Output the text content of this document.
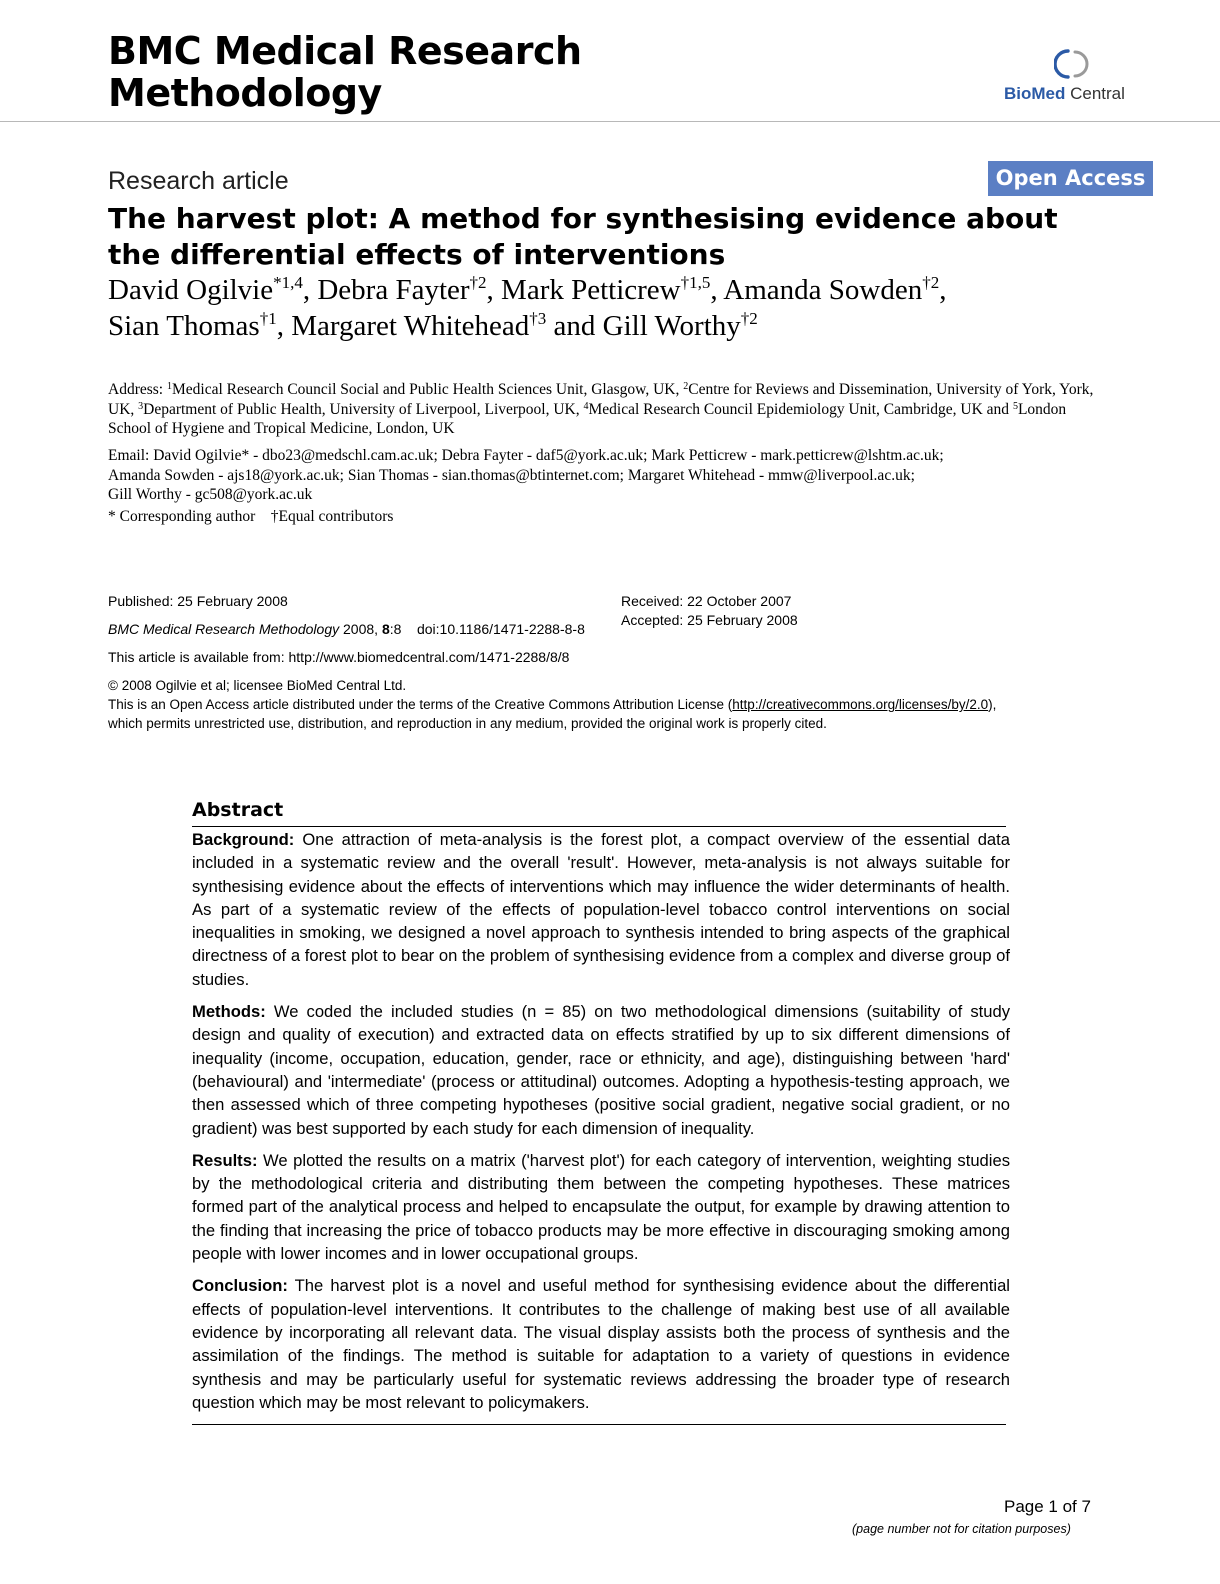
BMC Medical Research
Methodology	BioMed Central
Research article	Open Access
The harvest plot: A method for synthesising evidence about the differential effects of interventions
David Ogilvie$^{*1,4}$, Debra Fayter$^{\dagger 2}$, Mark Petticrew$^{\dagger 1,5}$, Amanda Sowden$^{\dagger 2}$,
Sian Thomas$^{\dagger 1}$, Margaret Whitehead$^{\dagger 3}$ and Gill Worthy$^{\dagger 2}$
Address: $^1$Medical Research Council Social and Public Health Sciences Unit, Glasgow, UK, $^2$Centre for Reviews and Dissemination, University of York, York, UK, $^3$Department of Public Health, University of Liverpool, Liverpool, UK, $^4$Medical Research Council Epidemiology Unit, Cambridge, UK and $^5$London School of Hygiene and Tropical Medicine, London, UK
Email: David Ogilvie* - dbo23@medschl.cam.ac.uk; Debra Fayter - daf5@york.ac.uk; Mark Petticrew - mark.petticrew@lshtm.ac.uk;
Amanda Sowden - ajs18@york.ac.uk; Sian Thomas - sian.thomas@btinternet.com; Margaret Whitehead - mmw@liverpool.ac.uk;
Gill Worthy - gc508@york.ac.uk
* Corresponding author †Equal contributors
Published: 25 February 2008
BMC Medical Research Methodology 2008, 8:8 doi:10.1186/1471-2288-8-8
This article is available from: http://www.biomedcentral.com/1471-2288/8/8
Received: 22 October 2007
Accepted: 25 February 2008
© 2008 Ogilvie et al; licensee BioMed Central Ltd.
This is an Open Access article distributed under the terms of the Creative Commons Attribution License (http://creativecommons.org/licenses/by/2.0),
which permits unrestricted use, distribution, and reproduction in any medium, provided the original work is properly cited.
Abstract

Background: One attraction of meta-analysis is the forest plot, a compact overview of the essential data included in a systematic review and the overall 'result'. However, meta-analysis is not always suitable for synthesising evidence about the effects of interventions which may influence the wider determinants of health. As part of a systematic review of the effects of population-level tobacco control interventions on social inequalities in smoking, we designed a novel approach to synthesis intended to bring aspects of the graphical directness of a forest plot to bear on the problem of synthesising evidence from a complex and diverse group of studies.

Methods: We coded the included studies (n = 85) on two methodological dimensions (suitability of study design and quality of execution) and extracted data on effects stratified by up to six different dimensions of inequality (income, occupation, education, gender, race or ethnicity, and age), distinguishing between 'hard' (behavioural) and 'intermediate' (process or attitudinal) outcomes. Adopting a hypothesis-testing approach, we then assessed which of three competing hypotheses (positive social gradient, negative social gradient, or no gradient) was best supported by each study for each dimension of inequality.

Results: We plotted the results on a matrix ('harvest plot') for each category of intervention, weighting studies by the methodological criteria and distributing them between the competing hypotheses. These matrices formed part of the analytical process and helped to encapsulate the output, for example by drawing attention to the finding that increasing the price of tobacco products may be more effective in discouraging smoking among people with lower incomes and in lower occupational groups.

Conclusion: The harvest plot is a novel and useful method for synthesising evidence about the differential effects of population-level interventions. It contributes to the challenge of making best use of all available evidence by incorporating all relevant data. The visual display assists both the process of synthesis and the assimilation of the findings. The method is suitable for adaptation to a variety of questions in evidence synthesis and may be particularly useful for systematic reviews addressing the broader type of research question which may be most relevant to policymakers.

Page 1 of 7
(page number not for citation purposes)
